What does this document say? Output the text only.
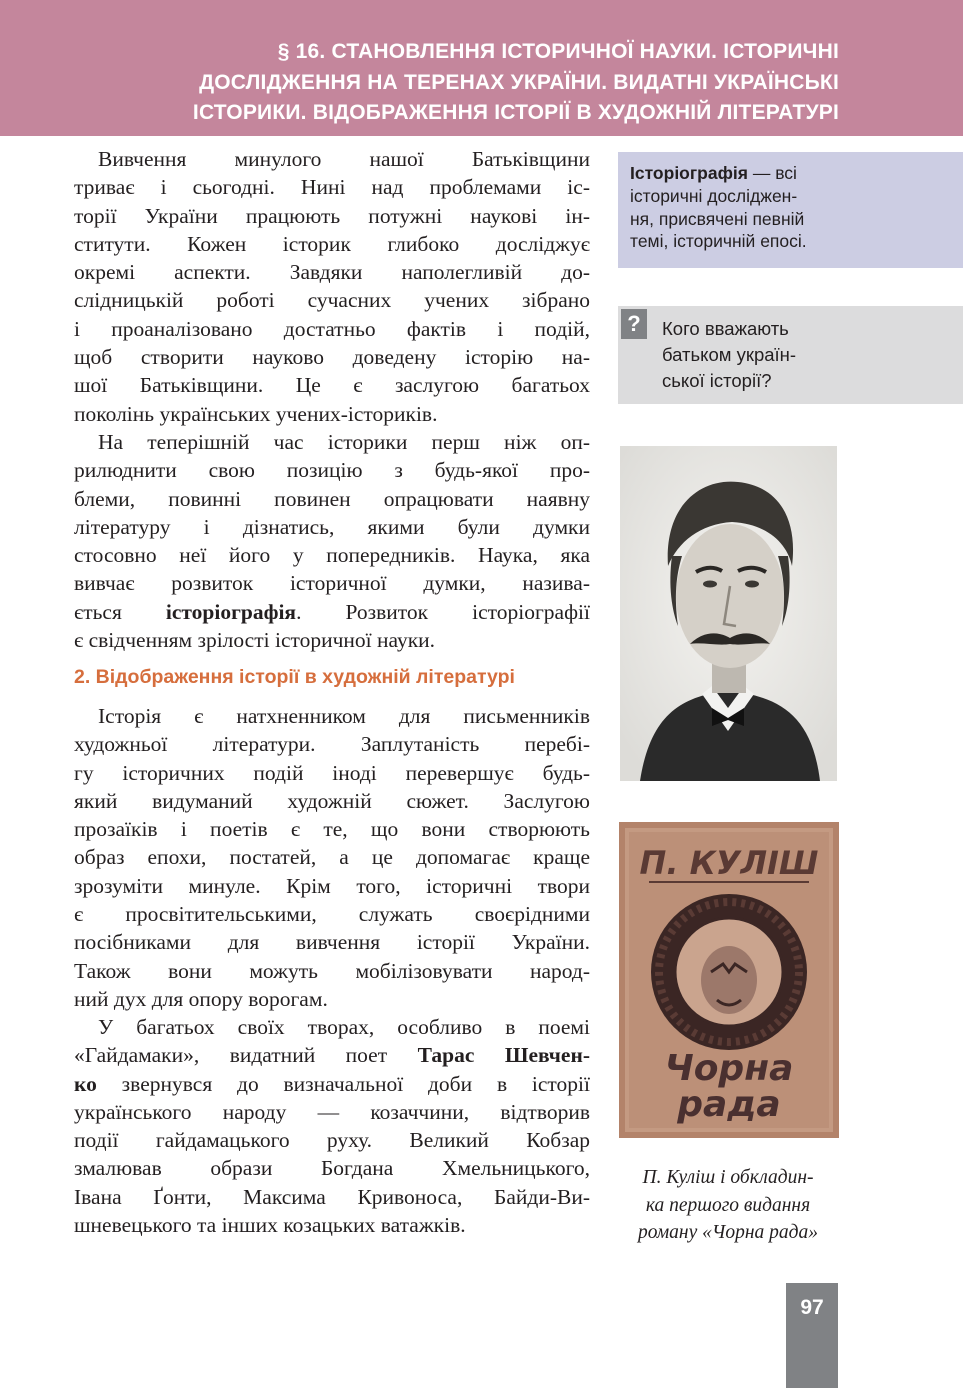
§ 16. СТАНОВЛЕННЯ ІСТОРИЧНОЇ НАУКИ. ІСТОРИЧНІ
ДОСЛІДЖЕННЯ НА ТЕРЕНАХ УКРАЇНИ. ВИДАТНІ УКРАЇНСЬКІ
ІСТОРИКИ. ВІДОБРАЖЕННЯ ІСТОРІЇ В ХУДОЖНІЙ ЛІТЕРАТУРІ
Вивчення минулого нашої Батьківщини
триває і сьогодні. Нині над проблемами іс-
торії України працюють потужні наукові ін-
ститути. Кожен історик глибоко досліджує
окремі аспекти. Завдяки наполегливій до-
слідницькій роботі сучасних учених зібрано
і проаналізовано достатньо фактів і подій,
щоб створити науково доведену історію на-
шої Батьківщини. Це є заслугою багатьох
поколінь українських учених-істориків.
На теперішній час історики перш ніж оп-
рилюднити свою позицію з будь-якої про-
блеми, повинні повинен опрацювати наявну
літературу і дізнатись, якими були думки
стосовно неї його у попередників. Наука, яка
вивчає розвиток історичної думки, назива-
ється історіографія. Розвиток історіографії
є свідченням зрілості історичної науки.
2. Відображення історії в художній літературі
Історія є натхненником для письменників
художньої літератури. Заплутаність перебі-
гу історичних подій іноді перевершує будь-
який видуманий художній сюжет. Заслугою
прозаїків і поетів є те, що вони створюють
образ епохи, постатей, а це допомагає краще
зрозуміти минуле. Крім того, історичні твори
є просвітительськими, служать своєрідними
посібниками для вивчення історії України.
Також вони можуть мобілізовувати народ-
ний дух для опору ворогам.
У багатьох своїх творах, особливо в поемі
«Гайдамаки», видатний поет Тарас Шевчен-
ко звернувся до визначальної доби в історії
українського народу — козаччини, відтворив
події гайдамацького руху. Великий Кобзар
змалював образи Богдана Хмельницького,
Івана Ґонти, Максима Кривоноса, Байди-Ви-
шневецького та інших козацьких ватажків.
Історіографія — всі
історичні досліджен-
ня, присвячені певній
темі, історичній епосі.
?	Кого вважають
батьком україн-
ської історії?
П. КУЛІШ
Чорна
рада
П. Куліш і обкладин-
ка першого видання
роману «Чорна рада»
97
